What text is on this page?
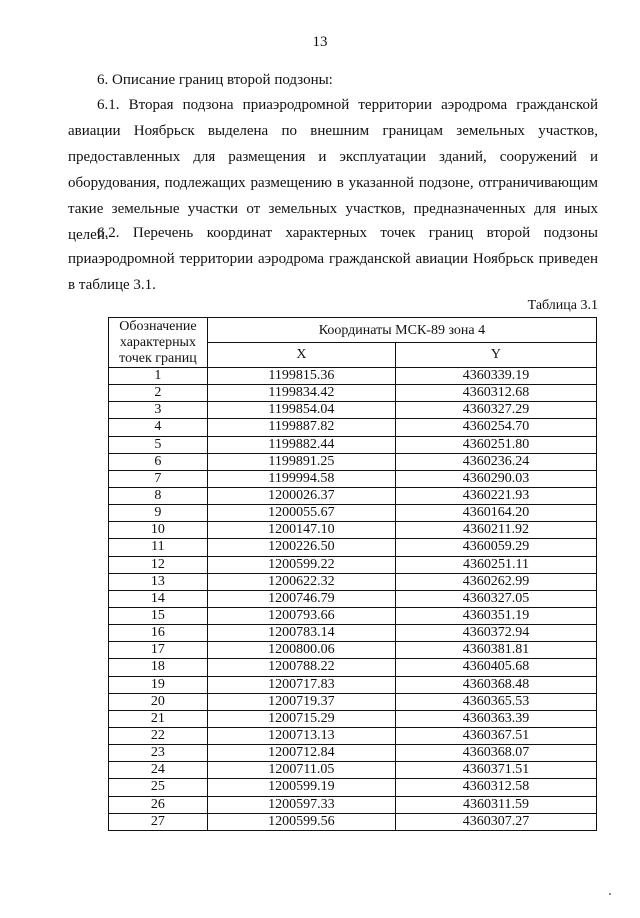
13
6. Описание границ второй подзоны:
6.1. Вторая подзона приаэродромной территории аэродрома гражданской авиации Ноябрьск выделена по внешним границам земельных участков, предоставленных для размещения и эксплуатации зданий, сооружений и оборудования, подлежащих размещению в указанной подзоне, отграничивающим такие земельные участки от земельных участков, предназначенных для иных целей.
6.2. Перечень координат характерных точек границ второй подзоны приаэродромной территории аэродрома гражданской авиации Ноябрьск приведен в таблице 3.1.
Таблица 3.1
Обозначение характерных точек границ	Координаты МСК-89 зона 4	
	X	Y
1	1199815.36	4360339.19
2	1199834.42	4360312.68
3	1199854.04	4360327.29
4	1199887.82	4360254.70
5	1199882.44	4360251.80
6	1199891.25	4360236.24
7	1199994.58	4360290.03
8	1200026.37	4360221.93
9	1200055.67	4360164.20
10	1200147.10	4360211.92
11	1200226.50	4360059.29
12	1200599.22	4360251.11
13	1200622.32	4360262.99
14	1200746.79	4360327.05
15	1200793.66	4360351.19
16	1200783.14	4360372.94
17	1200800.06	4360381.81
18	1200788.22	4360405.68
19	1200717.83	4360368.48
20	1200719.37	4360365.53
21	1200715.29	4360363.39
22	1200713.13	4360367.51
23	1200712.84	4360368.07
24	1200711.05	4360371.51
25	1200599.19	4360312.58
26	1200597.33	4360311.59
27	1200599.56	4360307.27
